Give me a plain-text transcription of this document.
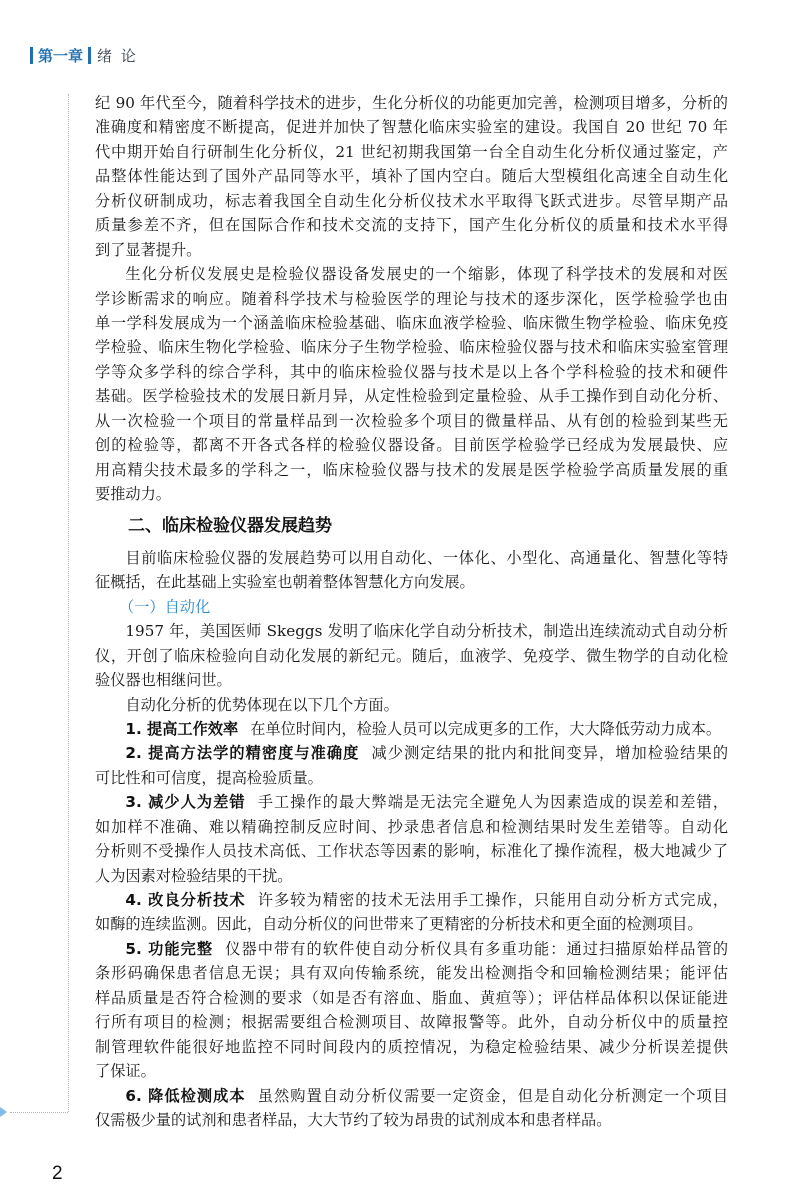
第一章 绪 论
纪 90 年代至今，随着科学技术的进步，生化分析仪的功能更加完善，检测项目增多，分析的
准确度和精密度不断提高，促进并加快了智慧化临床实验室的建设。我国自 20 世纪 70 年
代中期开始自行研制生化分析仪，21 世纪初期我国第一台全自动生化分析仪通过鉴定，产
品整体性能达到了国外产品同等水平，填补了国内空白。随后大型模组化高速全自动生化
分析仪研制成功，标志着我国全自动生化分析仪技术水平取得飞跃式进步。尽管早期产品
质量参差不齐，但在国际合作和技术交流的支持下，国产生化分析仪的质量和技术水平得
到了显著提升。
生化分析仪发展史是检验仪器设备发展史的一个缩影，体现了科学技术的发展和对医
学诊断需求的响应。随着科学技术与检验医学的理论与技术的逐步深化，医学检验学也由
单一学科发展成为一个涵盖临床检验基础、临床血液学检验、临床微生物学检验、临床免疫
学检验、临床生物化学检验、临床分子生物学检验、临床检验仪器与技术和临床实验室管理
学等众多学科的综合学科，其中的临床检验仪器与技术是以上各个学科检验的技术和硬件
基础。医学检验技术的发展日新月异，从定性检验到定量检验、从手工操作到自动化分析、
从一次检验一个项目的常量样品到一次检验多个项目的微量样品、从有创的检验到某些无
创的检验等，都离不开各式各样的检验仪器设备。目前医学检验学已经成为发展最快、应
用高精尖技术最多的学科之一，临床检验仪器与技术的发展是医学检验学高质量发展的重
要推动力。
二、临床检验仪器发展趋势
目前临床检验仪器的发展趋势可以用自动化、一体化、小型化、高通量化、智慧化等特
征概括，在此基础上实验室也朝着整体智慧化方向发展。
（一）自动化
1957 年，美国医师 Skeggs 发明了临床化学自动分析技术，制造出连续流动式自动分析
仪，开创了临床检验向自动化发展的新纪元。随后，血液学、免疫学、微生物学的自动化检
验仪器也相继问世。
自动化分析的优势体现在以下几个方面。
1. 提高工作效率 在单位时间内，检验人员可以完成更多的工作，大大降低劳动力成本。
2. 提高方法学的精密度与准确度 减少测定结果的批内和批间变异，增加检验结果的
可比性和可信度，提高检验质量。
3. 减少人为差错 手工操作的最大弊端是无法完全避免人为因素造成的误差和差错，
如加样不准确、难以精确控制反应时间、抄录患者信息和检测结果时发生差错等。自动化
分析则不受操作人员技术高低、工作状态等因素的影响，标准化了操作流程，极大地减少了
人为因素对检验结果的干扰。
4. 改良分析技术 许多较为精密的技术无法用手工操作，只能用自动分析方式完成，
如酶的连续监测。因此，自动分析仪的问世带来了更精密的分析技术和更全面的检测项目。
5. 功能完整 仪器中带有的软件使自动分析仪具有多重功能：通过扫描原始样品管的
条形码确保患者信息无误；具有双向传输系统，能发出检测指令和回输检测结果；能评估
样品质量是否符合检测的要求（如是否有溶血、脂血、黄疸等）；评估样品体积以保证能进
行所有项目的检测；根据需要组合检测项目、故障报警等。此外，自动分析仪中的质量控
制管理软件能很好地监控不同时间段内的质控情况，为稳定检验结果、减少分析误差提供
了保证。
6. 降低检测成本 虽然购置自动分析仪需要一定资金，但是自动化分析测定一个项目
仅需极少量的试剂和患者样品，大大节约了较为昂贵的试剂成本和患者样品。
2
